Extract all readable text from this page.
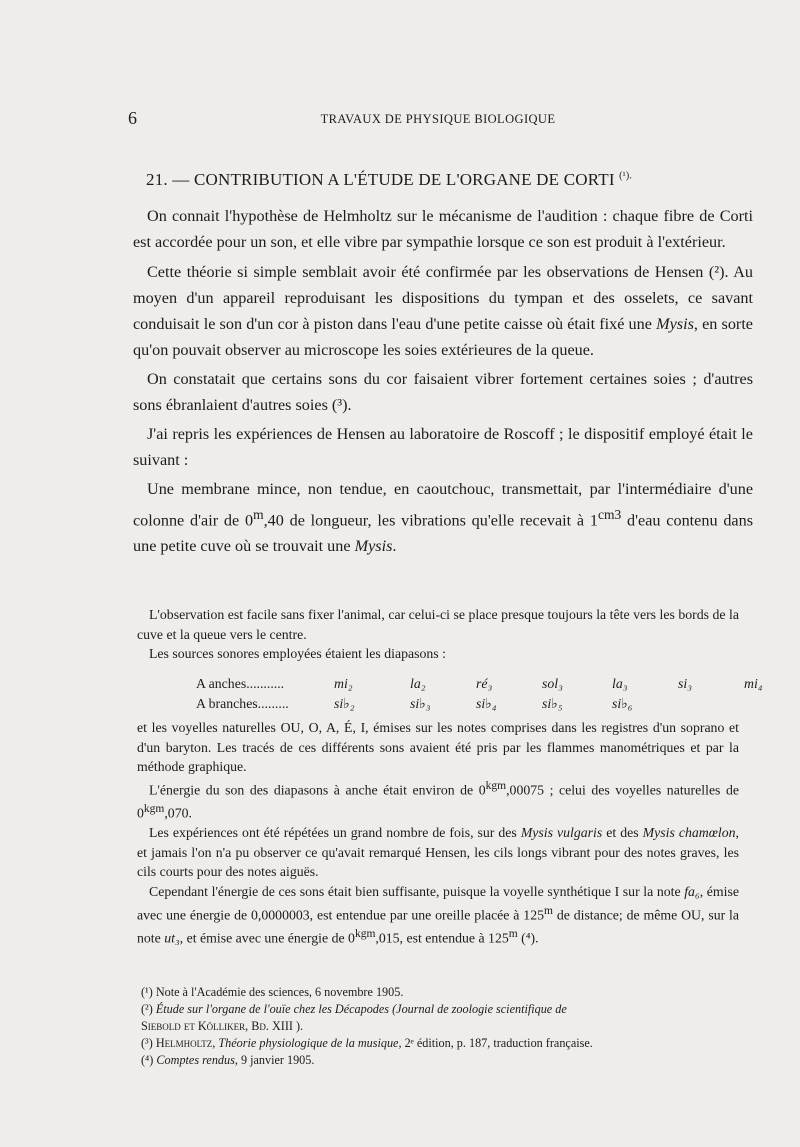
6	TRAVAUX DE PHYSIQUE BIOLOGIQUE
21. — CONTRIBUTION A L'ÉTUDE DE L'ORGANE DE CORTI $^{(^1).}$

On connait l'hypothèse de Helmholtz sur le mécanisme de l'audition : chaque fibre de Corti est accordée pour un son, et elle vibre par sympathie lorsque ce son est produit à l'extérieur.

Cette théorie si simple semblait avoir été confirmée par les observations de Hensen (²). Au moyen d'un appareil reproduisant les dispositions du tympan et des osselets, ce savant conduisait le son d'un cor à piston dans l'eau d'une petite caisse où était fixé une Mysis, en sorte qu'on pouvait observer au microscope les soies extérieures de la queue.

On constatait que certains sons du cor faisaient vibrer fortement certaines soies ; d'autres sons ébranlaient d'autres soies (³).

J'ai repris les expériences de Hensen au laboratoire de Roscoff ; le dispositif employé était le suivant :

Une membrane mince, non tendue, en caoutchouc, transmettait, par l'intermédiaire d'une colonne d'air de 0$^m$,40 de longueur, les vibrations qu'elle recevait à $1^{cm3}$ d'eau contenu dans une petite cuve où se trouvait une Mysis.

L'observation est facile sans fixer l'animal, car celui-ci se place presque toujours la tête vers les bords de la cuve et la queue vers le centre.

Les sources sonores employées étaient les diapasons :

A anches...........	mi₂	la₂	ré₃	sol₃	la₃	si₃	mi₄
A branches.........	si♭₂	si♭₃	si♭₄	si♭₅	si♭₆

et les voyelles naturelles OU, O, A, É, I, émises sur les notes comprises dans les registres d'un soprano et d'un baryton. Les tracés de ces différents sons avaient été pris par les flammes manométriques et par la méthode graphique.

L'énergie du son des diapasons à anche était environ de $0^{kgm},00075$ ; celui des voyelles naturelles de $0^{kgm},070$.

Les expériences ont été répétées un grand nombre de fois, sur des Mysis vulgaris et des Mysis chamœlon, et jamais l'on n'a pu observer ce qu'avait remarqué Hensen, les cils longs vibrant pour des notes graves, les cils courts pour des notes aiguës.

Cependant l'énergie de ces sons était bien suffisante, puisque la voyelle synthétique I sur la note fa₆, émise avec une énergie de 0,0000003, est entendue par une oreille placée à 125$^m$ de distance; de même OU, sur la note ut₃, et émise avec une énergie de $0^{kgm},015$, est entendue à 125$^m$ (⁴).

(¹) Note à l'Académie des sciences, 6 novembre 1905.
(²) Étude sur l'organe de l'ouïe chez les Décapodes (Journal de zoologie scientifique de
Siebold et Kölliker, Bd. XIII ).
(³) Helmholtz, Théorie physiologique de la musique, 2ᵉ édition, p. 187, traduction française.
(⁴) Comptes rendus, 9 janvier 1905.
